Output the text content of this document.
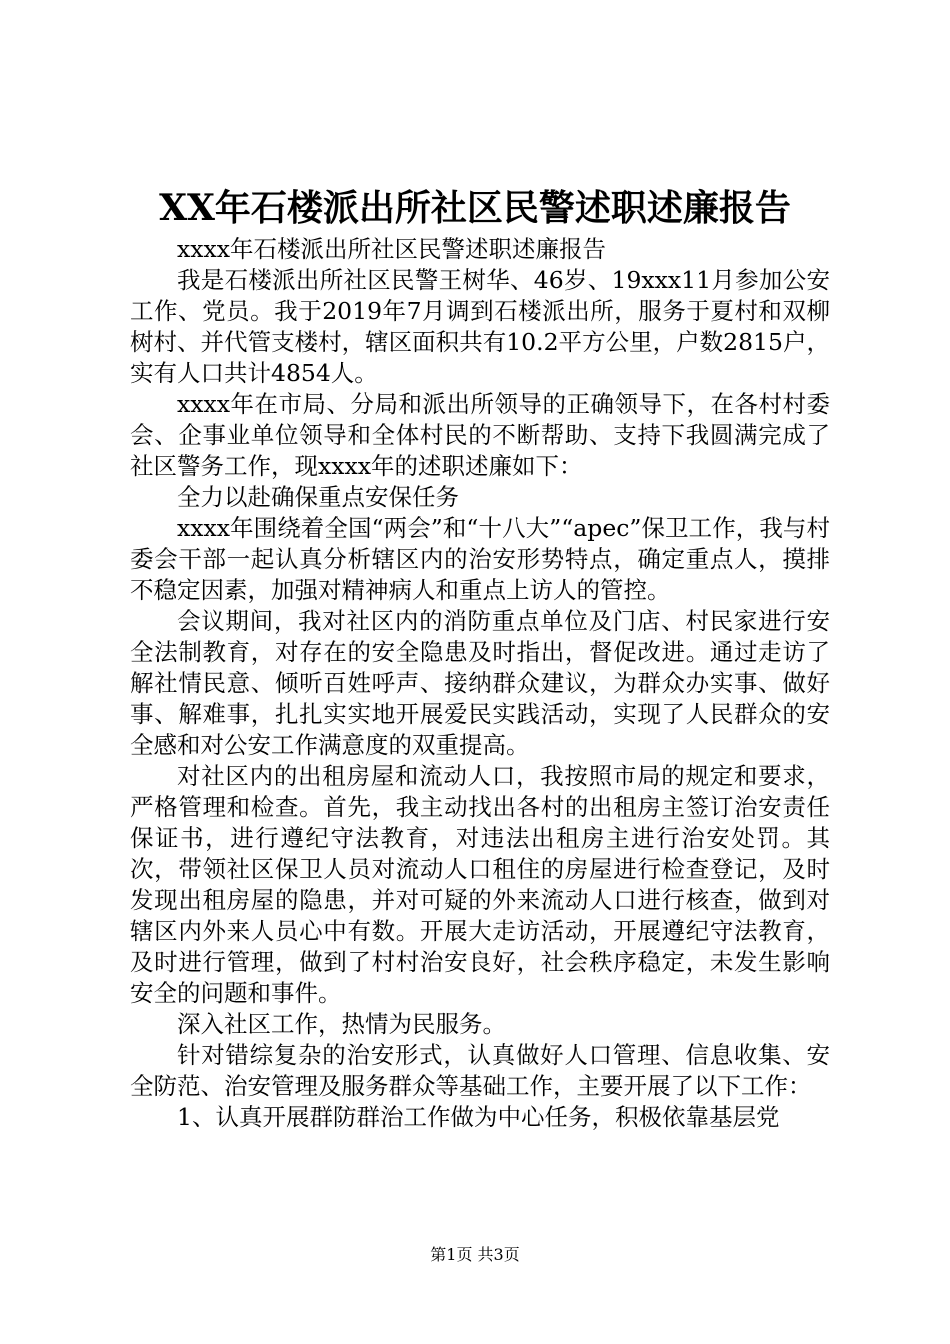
XX年石楼派出所社区民警述职述廉报告

xxxx年石楼派出所社区民警述职述廉报告

我是石楼派出所社区民警王树华、46岁、19xxx11月参加公安工作、党员。我于2019年7月调到石楼派出所，服务于夏村和双柳树村、并代管支楼村，辖区面积共有10.2平方公里，户数2815户，实有人口共计4854人。

xxxx年在市局、分局和派出所领导的正确领导下，在各村村委会、企事业单位领导和全体村民的不断帮助、支持下我圆满完成了社区警务工作，现xxxx年的述职述廉如下：

全力以赴确保重点安保任务

xxxx年围绕着全国“两会”和“十八大”“apec”保卫工作，我与村委会干部一起认真分析辖区内的治安形势特点，确定重点人，摸排不稳定因素，加强对精神病人和重点上访人的管控。

会议期间，我对社区内的消防重点单位及门店、村民家进行安全法制教育，对存在的安全隐患及时指出，督促改进。通过走访了解社情民意、倾听百姓呼声、接纳群众建议，为群众办实事、做好事、解难事，扎扎实实地开展爱民实践活动，实现了人民群众的安全感和对公安工作满意度的双重提高。

对社区内的出租房屋和流动人口，我按照市局的规定和要求，严格管理和检查。首先，我主动找出各村的出租房主签订治安责任保证书，进行遵纪守法教育，对违法出租房主进行治安处罚。其次，带领社区保卫人员对流动人口租住的房屋进行检查登记，及时发现出租房屋的隐患，并对可疑的外来流动人口进行核查，做到对辖区内外来人员心中有数。开展大走访活动，开展遵纪守法教育，及时进行管理，做到了村村治安良好，社会秩序稳定，未发生影响安全的问题和事件。

深入社区工作，热情为民服务。

针对错综复杂的治安形式，认真做好人口管理、信息收集、安全防范、治安管理及服务群众等基础工作，主要开展了以下工作：

1、认真开展群防群治工作做为中心任务，积极依靠基层党

第1页 共3页
